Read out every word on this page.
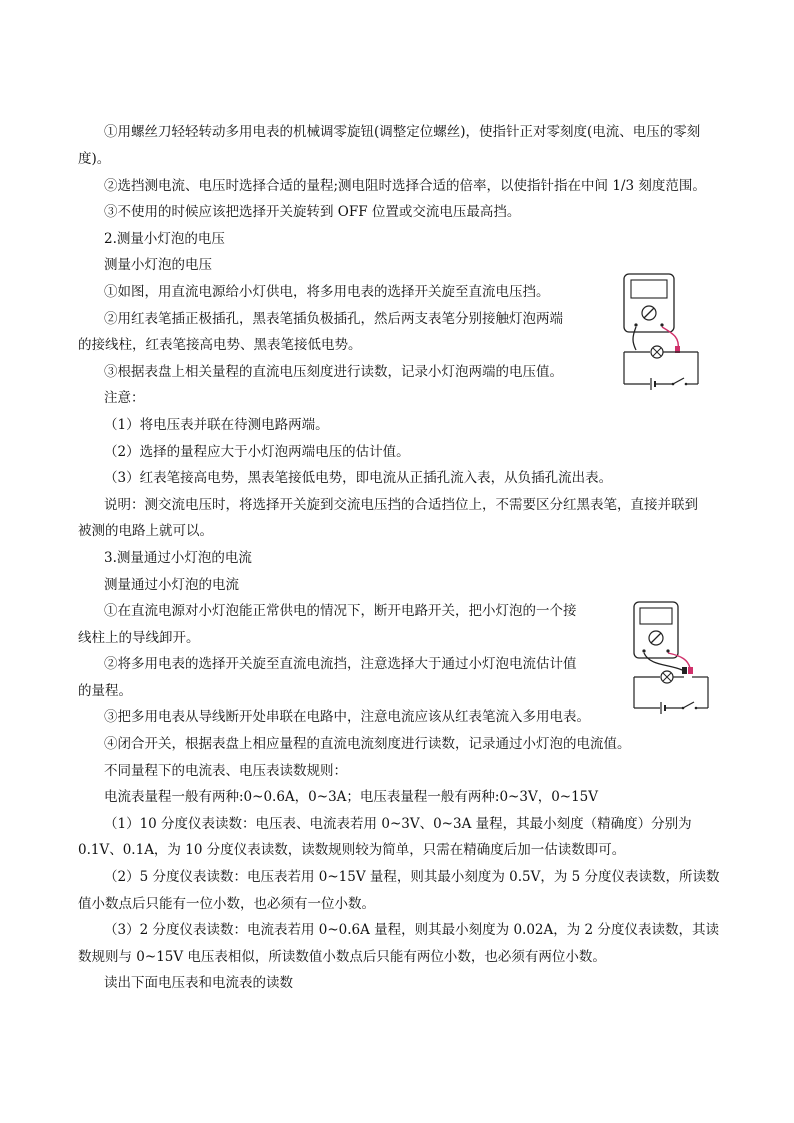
①用螺丝刀轻轻转动多用电表的机械调零旋钮(调整定位螺丝)，使指针正对零刻度(电流、电压的零刻
度)。
②选挡测电流、电压时选择合适的量程;测电阻时选择合适的倍率，以使指针指在中间 1/3 刻度范围。
③不使用的时候应该把选择开关旋转到 OFF 位置或交流电压最高挡。
2.测量小灯泡的电压
测量小灯泡的电压
①如图，用直流电源给小灯供电，将多用电表的选择开关旋至直流电压挡。
②用红表笔插正极插孔，黑表笔插负极插孔，然后两支表笔分别接触灯泡两端
的接线柱，红表笔接高电势、黑表笔接低电势。
③根据表盘上相关量程的直流电压刻度进行读数，记录小灯泡两端的电压值。
注意：
（1）将电压表并联在待测电路两端。
（2）选择的量程应大于小灯泡两端电压的估计值。
（3）红表笔接高电势，黑表笔接低电势，即电流从正插孔流入表，从负插孔流出表。
说明：测交流电压时，将选择开关旋到交流电压挡的合适挡位上，不需要区分红黑表笔，直接并联到
被测的电路上就可以。
3.测量通过小灯泡的电流
测量通过小灯泡的电流
①在直流电源对小灯泡能正常供电的情况下，断开电路开关，把小灯泡的一个接
线柱上的导线卸开。
②将多用电表的选择开关旋至直流电流挡，注意选择大于通过小灯泡电流估计值
的量程。
③把多用电表从导线断开处串联在电路中，注意电流应该从红表笔流入多用电表。
④闭合开关，根据表盘上相应量程的直流电流刻度进行读数，记录通过小灯泡的电流值。
不同量程下的电流表、电压表读数规则：
电流表量程一般有两种:0~0.6A，0~3A；电压表量程一般有两种:0~3V，0~15V
（1）10 分度仪表读数：电压表、电流表若用 0~3V、0~3A 量程，其最小刻度（精确度）分别为
0.1V、0.1A，为 10 分度仪表读数，读数规则较为简单，只需在精确度后加一估读数即可。
（2）5 分度仪表读数：电压表若用 0~15V 量程，则其最小刻度为 0.5V，为 5 分度仪表读数，所读数
值小数点后只能有一位小数，也必须有一位小数。
（3）2 分度仪表读数：电流表若用 0~0.6A 量程，则其最小刻度为 0.02A，为 2 分度仪表读数，其读
数规则与 0~15V 电压表相似，所读数值小数点后只能有两位小数，也必须有两位小数。
读出下面电压表和电流表的读数
